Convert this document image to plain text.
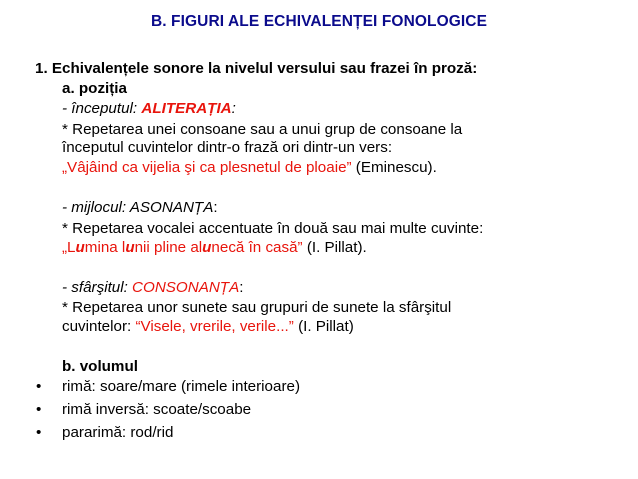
B. FIGURI ALE ECHIVALENȚEI FONOLOGICE
1. Echivalențele sonore la nivelul versului sau frazei în proză:
a. poziția
- începutul: ALITERAȚIA:
* Repetarea unei consoane sau a unui grup de consoane la
începutul cuvintelor dintr-o frază ori dintr-un vers:
„Vâjâind ca vijelia şi ca plesnetul de ploaie” (Eminescu).
- mijlocul: ASONANȚA:
* Repetarea vocalei accentuate în două sau mai multe cuvinte:
„Lumina lunii pline alunecă în casă” (I. Pillat).
- sfârşitul: CONSONANȚA:
* Repetarea unor sunete sau grupuri de sunete la sfârşitul
cuvintelor: “Visele, vrerile, verile...” (I. Pillat)
b. volumul
• rimă: soare/mare (rimele interioare)
• rimă inversă: scoate/scoabe
• pararimă: rod/rid
